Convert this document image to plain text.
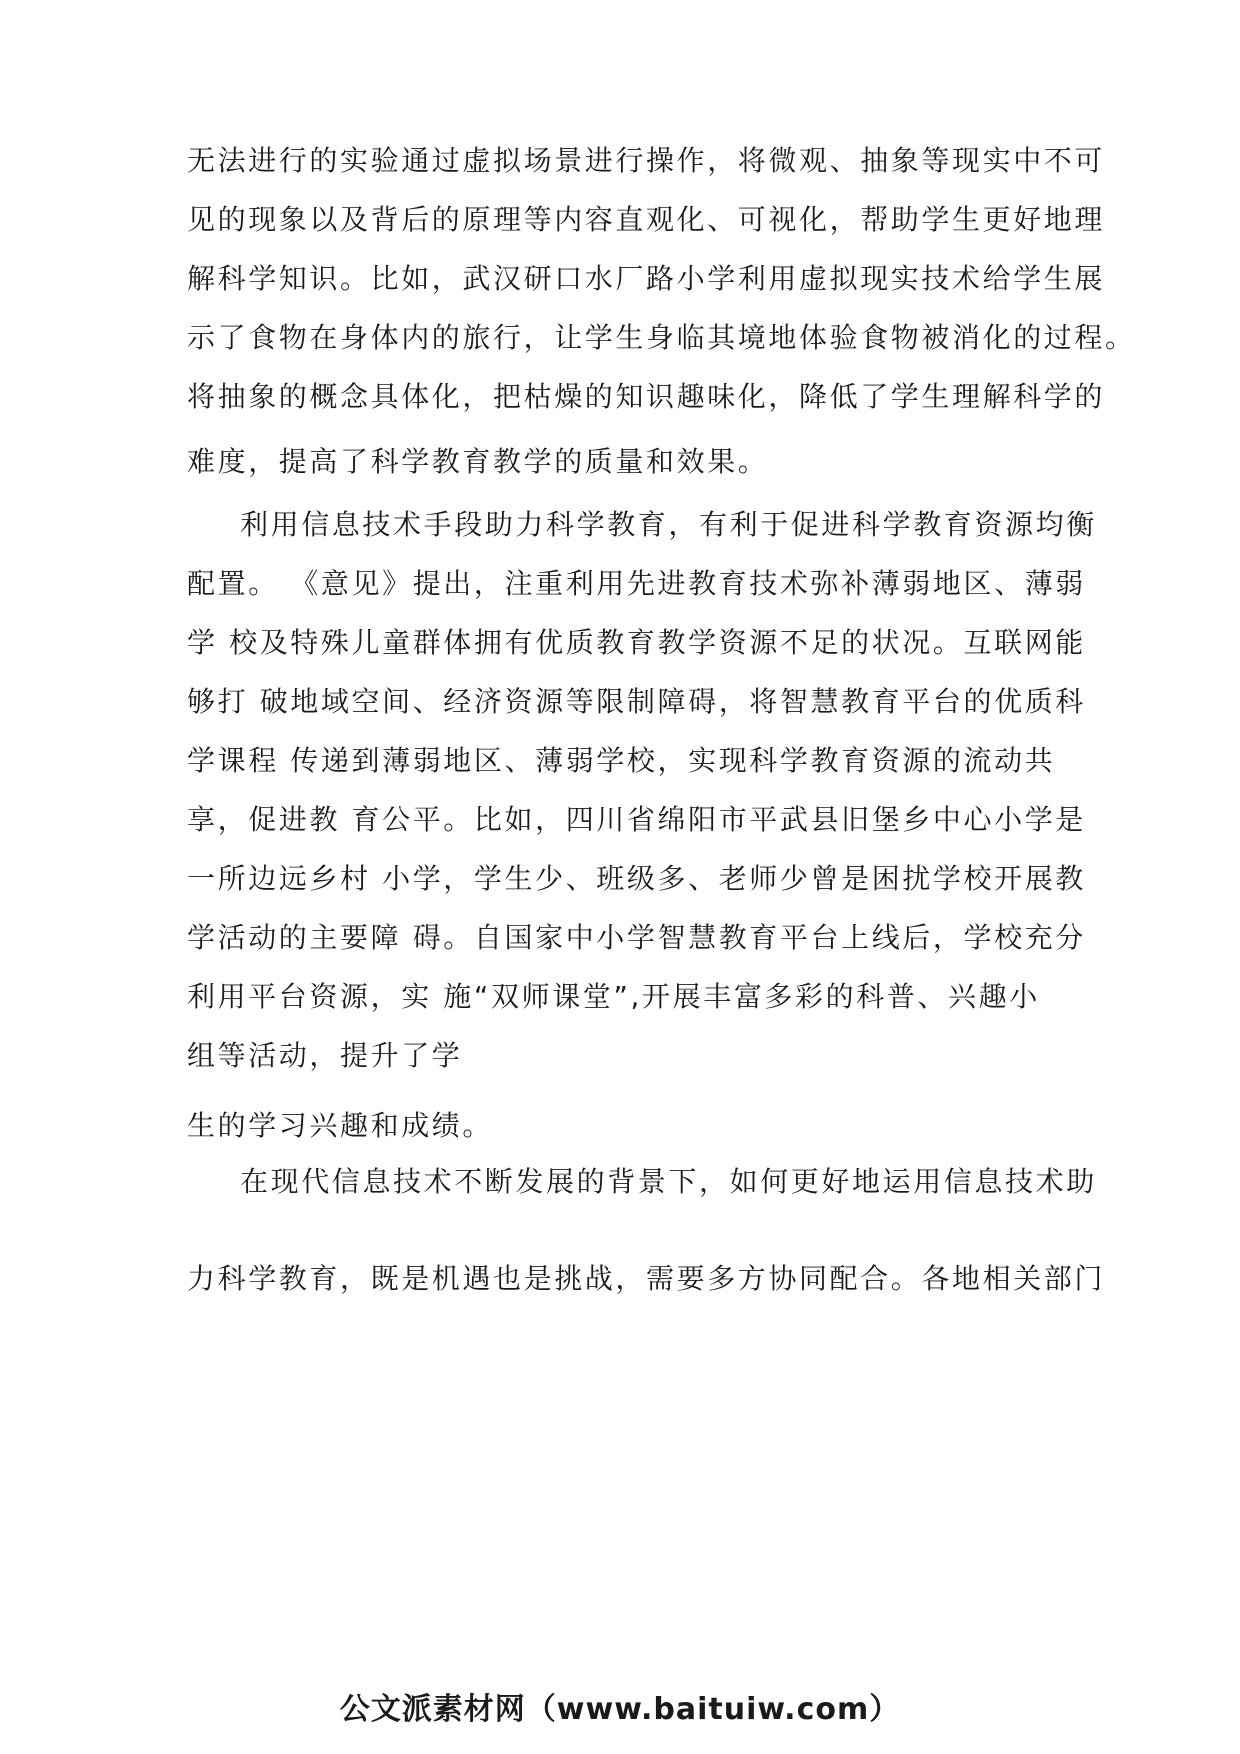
无法进行的实验通过虚拟场景进行操作，将微观、抽象等现实中不可
见的现象以及背后的原理等内容直观化、可视化，帮助学生更好地理
解科学知识。比如，武汉研口水厂路小学利用虚拟现实技术给学生展
示了食物在身体内的旅行，让学生身临其境地体验食物被消化的过程。
将抽象的概念具体化，把枯燥的知识趣味化，降低了学生理解科学的
难度，提高了科学教育教学的质量和效果。
利用信息技术手段助力科学教育，有利于促进科学教育资源均衡
配置。 《意见》提出，注重利用先进教育技术弥补薄弱地区、薄弱
学 校及特殊儿童群体拥有优质教育教学资源不足的状况。互联网能
够打 破地域空间、经济资源等限制障碍，将智慧教育平台的优质科
学课程 传递到薄弱地区、薄弱学校，实现科学教育资源的流动共
享，促进教 育公平。比如，四川省绵阳市平武县旧堡乡中心小学是
一所边远乡村 小学，学生少、班级多、老师少曾是困扰学校开展教
学活动的主要障 碍。自国家中小学智慧教育平台上线后，学校充分
利用平台资源，实 施“双师课堂”,开展丰富多彩的科普、兴趣小
组等活动，提升了学
生的学习兴趣和成绩。
在现代信息技术不断发展的背景下，如何更好地运用信息技术助
力科学教育，既是机遇也是挑战，需要多方协同配合。各地相关部门
公文派素材网（www.baituiw.com）
